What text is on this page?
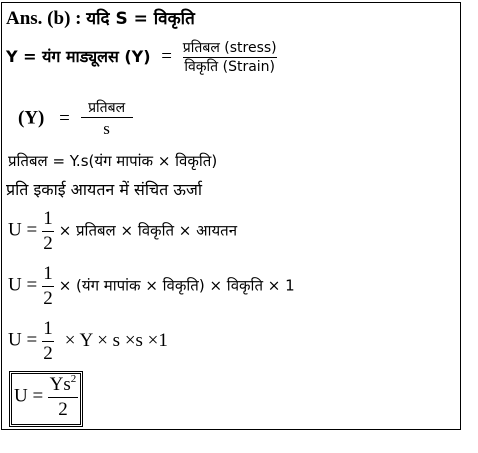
Ans. (b) : यदि S = विकृति
Y = यंग माड्यूलस $(Y) = \frac{\text{प्रतिबल (stress)}}{\text{विकृति (Strain)}}$
$(Y) = \frac{\text{प्रतिबल}}{s}$
प्रतिबल = Y.s(यंग मापांक × विकृति)
प्रति इकाई आयतन में संचित ऊर्जा
$U = \frac{1}{2}$ × प्रतिबल × विकृति × आयतन
$U = \frac{1}{2}$ × (यंग मापांक × विकृति) × विकृति × 1
$U = \frac{1}{2} \times Y \times s \times s \times 1$
$U = \frac{Ys^2}{2}$
